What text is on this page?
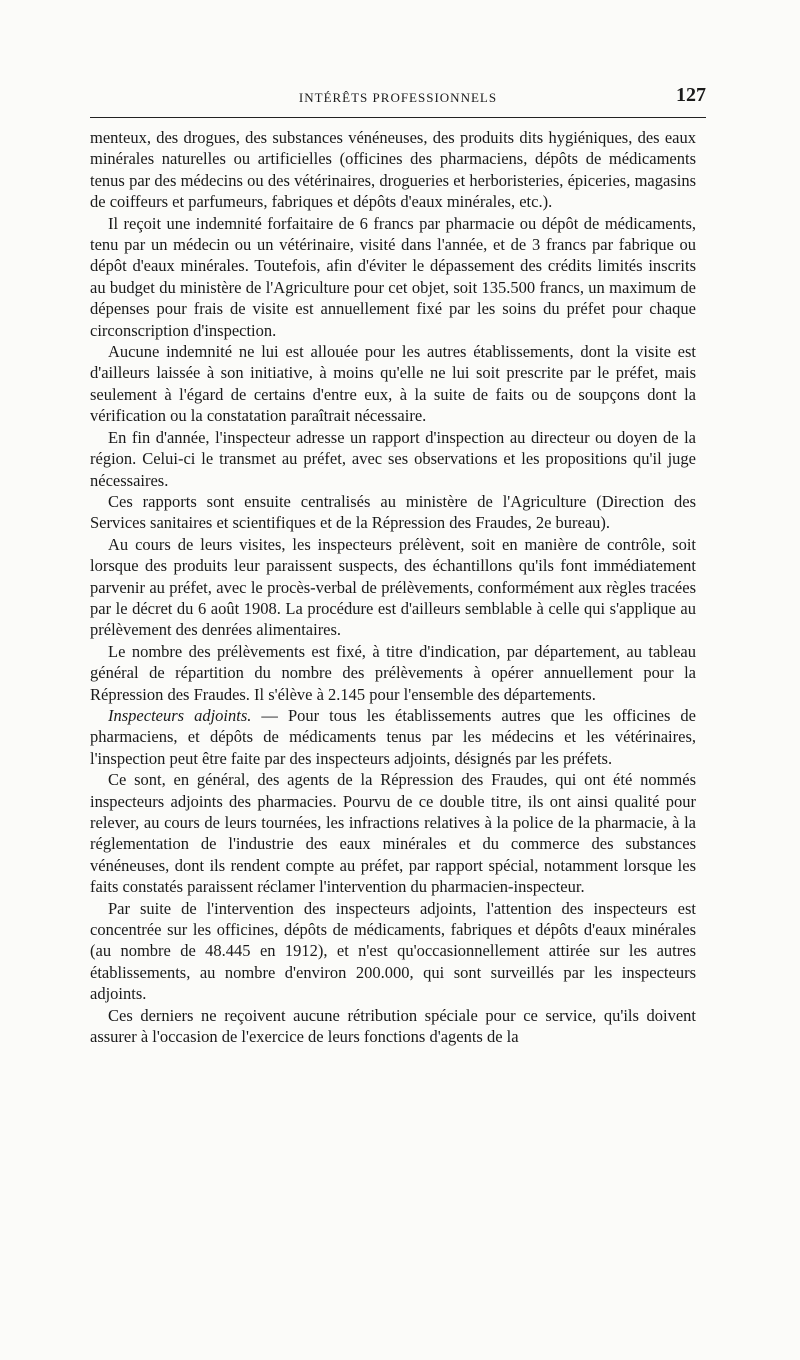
INTÉRÊTS PROFESSIONNELS	127

menteux, des drogues, des substances vénéneuses, des produits dits hygiéniques, des eaux minérales naturelles ou artificielles (officines des pharmaciens, dépôts de médicaments tenus par des médecins ou des vétérinaires, drogueries et herboristeries, épiceries, magasins de coiffeurs et parfumeurs, fabriques et dépôts d'eaux minérales, etc.).

Il reçoit une indemnité forfaitaire de 6 francs par pharmacie ou dépôt de médicaments, tenu par un médecin ou un vétérinaire, visité dans l'année, et de 3 francs par fabrique ou dépôt d'eaux minérales. Toutefois, afin d'éviter le dépassement des crédits limités inscrits au budget du ministère de l'Agriculture pour cet objet, soit 135.500 francs, un maximum de dépenses pour frais de visite est annuellement fixé par les soins du préfet pour chaque circonscription d'inspection.

Aucune indemnité ne lui est allouée pour les autres établissements, dont la visite est d'ailleurs laissée à son initiative, à moins qu'elle ne lui soit prescrite par le préfet, mais seulement à l'égard de certains d'entre eux, à la suite de faits ou de soupçons dont la vérification ou la constatation paraîtrait nécessaire.

En fin d'année, l'inspecteur adresse un rapport d'inspection au directeur ou doyen de la région. Celui-ci le transmet au préfet, avec ses observations et les propositions qu'il juge nécessaires.

Ces rapports sont ensuite centralisés au ministère de l'Agriculture (Direction des Services sanitaires et scientifiques et de la Répression des Fraudes, 2e bureau).

Au cours de leurs visites, les inspecteurs prélèvent, soit en manière de contrôle, soit lorsque des produits leur paraissent suspects, des échantillons qu'ils font immédiatement parvenir au préfet, avec le procès-verbal de prélèvements, conformément aux règles tracées par le décret du 6 août 1908. La procédure est d'ailleurs semblable à celle qui s'applique au prélèvement des denrées alimentaires.

Le nombre des prélèvements est fixé, à titre d'indication, par département, au tableau général de répartition du nombre des prélèvements à opérer annuellement pour la Répression des Fraudes. Il s'élève à 2.145 pour l'ensemble des départements.

Inspecteurs adjoints. — Pour tous les établissements autres que les officines de pharmaciens, et dépôts de médicaments tenus par les médecins et les vétérinaires, l'inspection peut être faite par des inspecteurs adjoints, désignés par les préfets.

Ce sont, en général, des agents de la Répression des Fraudes, qui ont été nommés inspecteurs adjoints des pharmacies. Pourvu de ce double titre, ils ont ainsi qualité pour relever, au cours de leurs tournées, les infractions relatives à la police de la pharmacie, à la réglementation de l'industrie des eaux minérales et du commerce des substances vénéneuses, dont ils rendent compte au préfet, par rapport spécial, notamment lorsque les faits constatés paraissent réclamer l'intervention du pharmacien-inspecteur.

Par suite de l'intervention des inspecteurs adjoints, l'attention des inspecteurs est concentrée sur les officines, dépôts de médicaments, fabriques et dépôts d'eaux minérales (au nombre de 48.445 en 1912), et n'est qu'occasionnellement attirée sur les autres établissements, au nombre d'environ 200.000, qui sont surveillés par les inspecteurs adjoints.

Ces derniers ne reçoivent aucune rétribution spéciale pour ce service, qu'ils doivent assurer à l'occasion de l'exercice de leurs fonctions d'agents de la
